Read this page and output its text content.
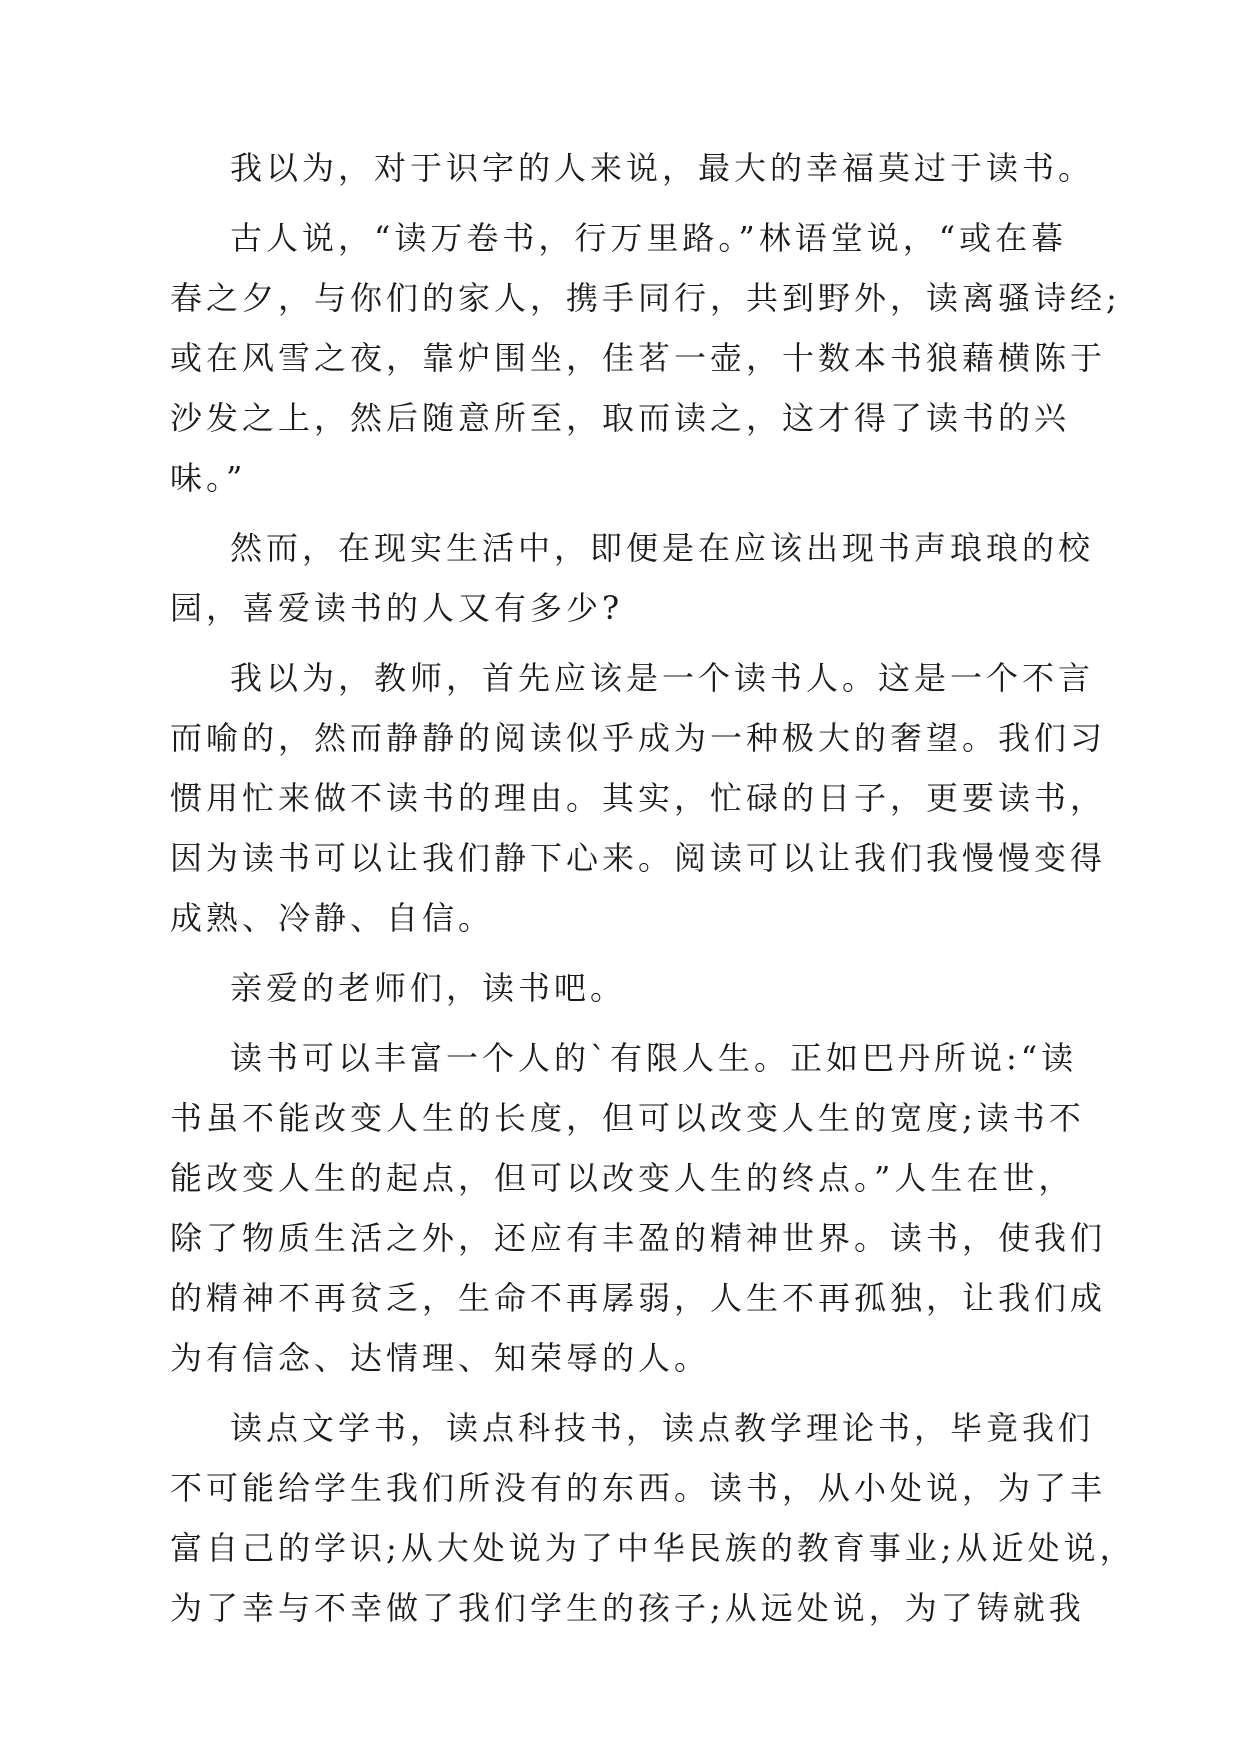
我以为，对于识字的人来说，最大的幸福莫过于读书。
古人说，“读万卷书，行万里路。”林语堂说，“或在暮
春之夕，与你们的家人，携手同行，共到野外，读离骚诗经;
或在风雪之夜，靠炉围坐，佳茗一壶，十数本书狼藉横陈于
沙发之上，然后随意所至，取而读之，这才得了读书的兴
味。”
然而，在现实生活中，即便是在应该出现书声琅琅的校
园，喜爱读书的人又有多少?
我以为，教师，首先应该是一个读书人。这是一个不言
而喻的，然而静静的阅读似乎成为一种极大的奢望。我们习
惯用忙来做不读书的理由。其实，忙碌的日子，更要读书，
因为读书可以让我们静下心来。阅读可以让我们我慢慢变得
成熟、冷静、自信。
亲爱的老师们，读书吧。
读书可以丰富一个人的`有限人生。正如巴丹所说:“读
书虽不能改变人生的长度，但可以改变人生的宽度;读书不
能改变人生的起点，但可以改变人生的终点。”人生在世，
除了物质生活之外，还应有丰盈的精神世界。读书，使我们
的精神不再贫乏，生命不再孱弱，人生不再孤独，让我们成
为有信念、达情理、知荣辱的人。
读点文学书，读点科技书，读点教学理论书，毕竟我们
不可能给学生我们所没有的东西。读书，从小处说，为了丰
富自己的学识;从大处说为了中华民族的教育事业;从近处说，
为了幸与不幸做了我们学生的孩子;从远处说，为了铸就我
